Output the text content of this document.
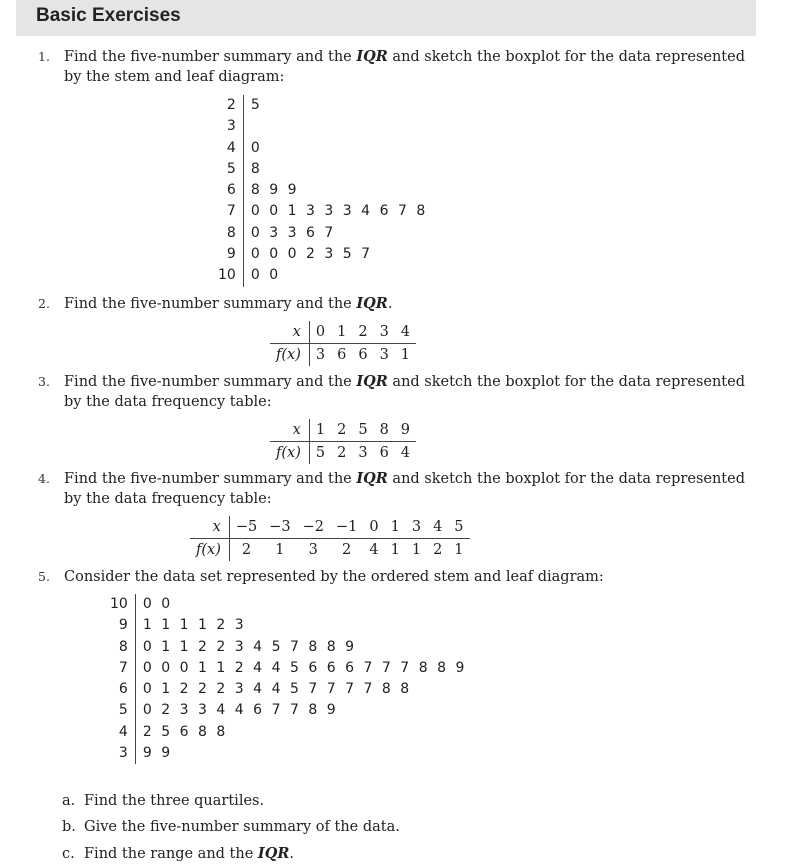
Basic Exercises
1. Find the five-number summary and the IQR and sketch the boxplot for the data represented
by the stem and leaf diagram:
2	5
3	
4	0
5	8
6	8 9 9
7	0 0 1 3 3 3 4 6 7 8
8	0 3 3 6 7
9	0 0 0 2 3 5 7
10	0 0
2. Find the five-number summary and the IQR.
x	0	1	2	3	4
f(x)	3	6	6	3	1
3. Find the five-number summary and the IQR and sketch the boxplot for the data represented
by the data frequency table:
x	1	2	5	8	9
f(x)	5	2	3	6	4
4. Find the five-number summary and the IQR and sketch the boxplot for the data represented
by the data frequency table:
x	−5	−3	−2	−1	0	1	3	4	5
f(x)	2	1	3	2	4	1	1	2	1
5. Consider the data set represented by the ordered stem and leaf diagram:
10	0 0
9	1 1 1 1 2 3
8	0 1 1 2 2 3 4 5 7 8 8 9
7	0 0 0 1 1 2 4 4 5 6 6 6 7 7 7 8 8 9
6	0 1 2 2 2 3 4 4 5 7 7 7 7 8 8
5	0 2 3 3 4 4 6 7 7 8 9
4	2 5 6 8 8
3	9 9
a. Find the three quartiles.
b. Give the five-number summary of the data.
c. Find the range and the IQR.
